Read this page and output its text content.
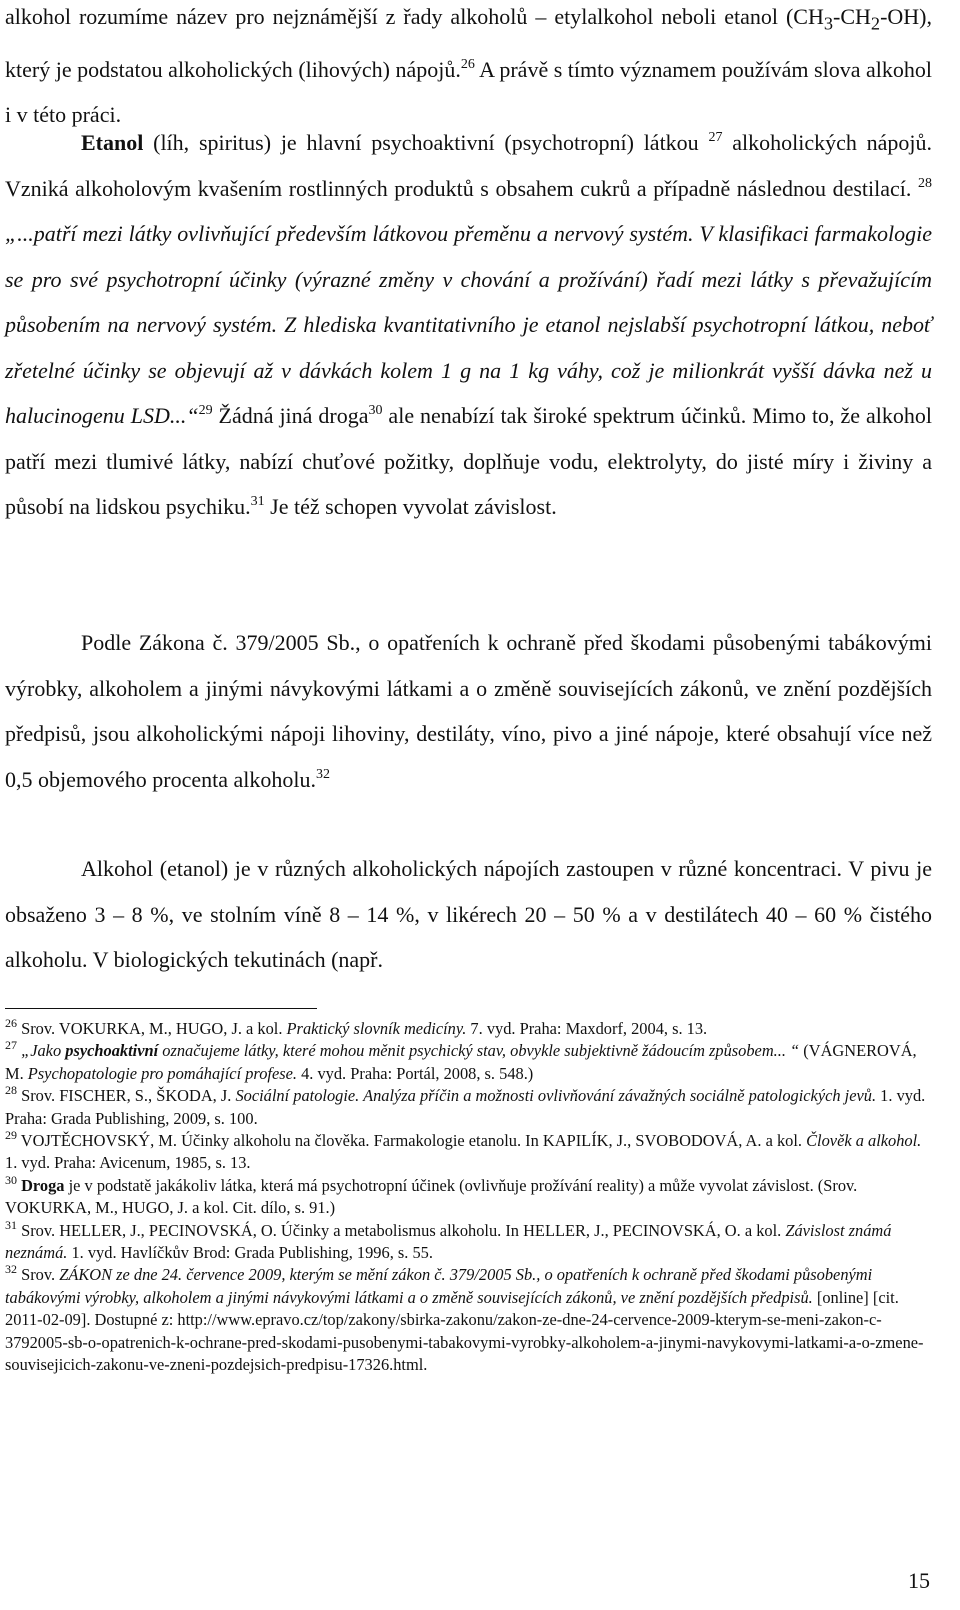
alkohol rozumíme název pro nejznámější z řady alkoholů – etylalkohol neboli etanol $(CH_3-CH_2-OH)$, který je podstatou alkoholických (lihových) nápojů.$^{26}$ A právě s tímto významem používám slova alkohol i v této práci.

Etanol (líh, spiritus) je hlavní psychoaktivní (psychotropní) látkou $^{27}$ alkoholických nápojů. Vzniká alkoholovým kvašením rostlinných produktů s obsahem cukrů a případně následnou destilací. $^{28}$ „...patří mezi látky ovlivňující především látkovou přeměnu a nervový systém. V klasifikaci farmakologie se pro své psychotropní účinky (výrazné změny v chování a prožívání) řadí mezi látky s převažujícím působením na nervový systém. Z hlediska kvantitativního je etanol nejslabší psychotropní látkou, neboť zřetelné účinky se objevují až v dávkách kolem 1 g na 1 kg váhy, což je milionkrát vyšší dávka než u halucinogenu LSD...“$^{29}$ Žádná jiná droga$^{30}$ ale nenabízí tak široké spektrum účinků. Mimo to, že alkohol patří mezi tlumivé látky, nabízí chuťové požitky, doplňuje vodu, elektrolyty, do jisté míry i živiny a působí na lidskou psychiku.$^{31}$ Je též schopen vyvolat závislost.

Podle Zákona č. 379/2005 Sb., o opatřeních k ochraně před škodami působenými tabákovými výrobky, alkoholem a jinými návykovými látkami a o změně souvisejících zákonů, ve znění pozdějších předpisů, jsou alkoholickými nápoji lihoviny, destiláty, víno, pivo a jiné nápoje, které obsahují více než 0,5 objemového procenta alkoholu.$^{32}$

Alkohol (etanol) je v různých alkoholických nápojích zastoupen v různé koncentraci. V pivu je obsaženo 3 – 8 %, ve stolním víně 8 – 14 %, v likérech 20 – 50 % a v destilátech 40 – 60 % čistého alkoholu. V biologických tekutinách (např.

$^{26}$ Srov. VOKURKA, M., HUGO, J. a kol. Praktický slovník medicíny. 7. vyd. Praha: Maxdorf, 2004, s. 13.

$^{27}$ „Jako psychoaktivní označujeme látky, které mohou měnit psychický stav, obvykle subjektivně žádoucím způsobem... “ (VÁGNEROVÁ, M. Psychopatologie pro pomáhající profese. 4. vyd. Praha: Portál, 2008, s. 548.)

$^{28}$ Srov. FISCHER, S., ŠKODA, J. Sociální patologie. Analýza příčin a možnosti ovlivňování závažných sociálně patologických jevů. 1. vyd. Praha: Grada Publishing, 2009, s. 100.

$^{29}$ VOJTĚCHOVSKÝ, M. Účinky alkoholu na člověka. Farmakologie etanolu. In KAPILÍK, J., SVOBODOVÁ, A. a kol. Člověk a alkohol. 1. vyd. Praha: Avicenum, 1985, s. 13.

$^{30}$ Droga je v podstatě jakákoliv látka, která má psychotropní účinek (ovlivňuje prožívání reality) a může vyvolat závislost. (Srov. VOKURKA, M., HUGO, J. a kol. Cit. dílo, s. 91.)

$^{31}$ Srov. HELLER, J., PECINOVSKÁ, O. Účinky a metabolismus alkoholu. In HELLER, J., PECINOVSKÁ, O. a kol. Závislost známá neznámá. 1. vyd. Havlíčkův Brod: Grada Publishing, 1996, s. 55.

$^{32}$ Srov. ZÁKON ze dne 24. července 2009, kterým se mění zákon č. 379/2005 Sb., o opatřeních k ochraně před škodami působenými tabákovými výrobky, alkoholem a jinými návykovými látkami a o změně souvisejících zákonů, ve znění pozdějších předpisů. [online] [cit. 2011-02-09]. Dostupné z: http://www.epravo.cz/top/zakony/sbirka-zakonu/zakon-ze-dne-24-cervence-2009-kterym-se-meni-zakon-c-3792005-sb-o-opatrenich-k-ochrane-pred-skodami-pusobenymi-tabakovymi-vyrobky-alkoholem-a-jinymi-navykovymi-latkami-a-o-zmene-souvisejicich-zakonu-ve-zneni-pozdejsich-predpisu-17326.html.

15
